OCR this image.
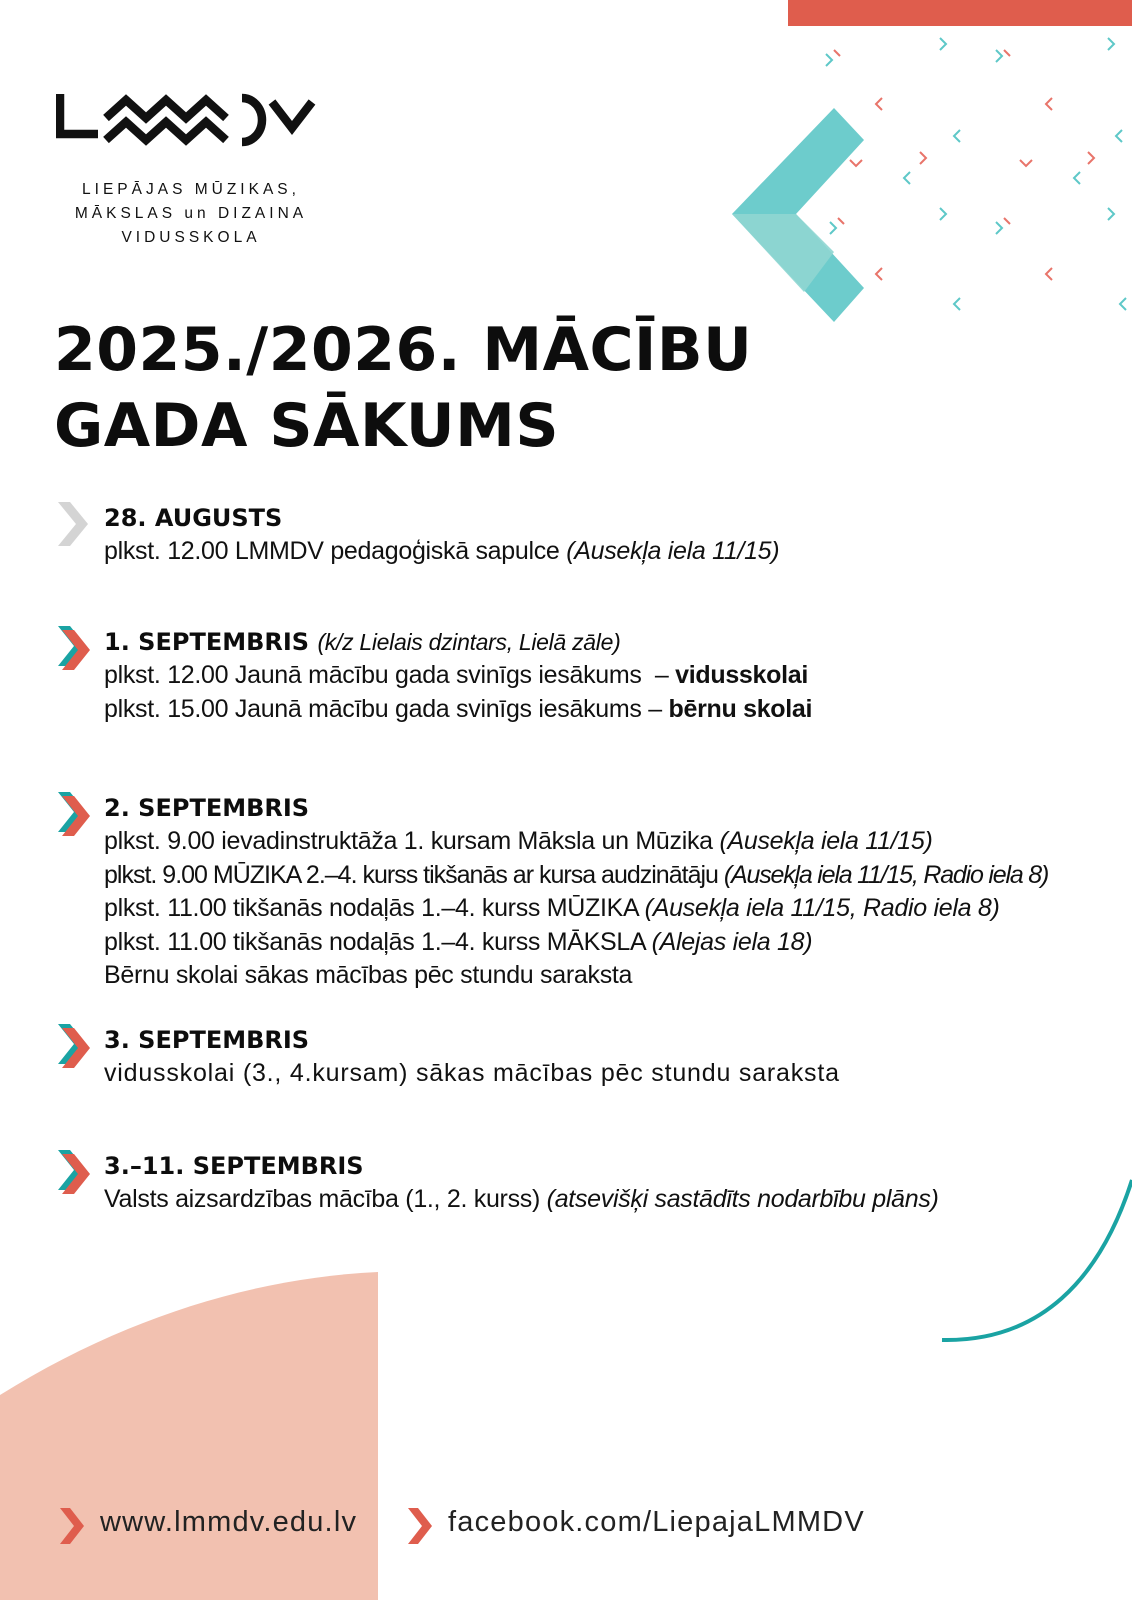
LIEPĀJAS MŪZIKAS,
MĀKSLAS un DIZAINA
VIDUSSKOLA
2025./2026. MĀCĪBU
GADA SĀKUMS
28. AUGUSTS
plkst. 12.00 LMMDV pedagoģiskā sapulce (Ausekļa iela 11/15)
1. SEPTEMBRIS (k/z Lielais dzintars, Lielā zāle)
plkst. 12.00 Jaunā mācību gada svinīgs iesākums  – vidusskolai
plkst. 15.00 Jaunā mācību gada svinīgs iesākums – bērnu skolai
2. SEPTEMBRIS
plkst. 9.00 ievadinstruktāža 1. kursam Māksla un Mūzika (Ausekļa iela 11/15)
plkst. 9.00 MŪZIKA 2.–4. kurss tikšanās ar kursa audzinātāju (Ausekļa iela 11/15, Radio iela 8)
plkst. 11.00 tikšanās nodaļās 1.–4. kurss MŪZIKA (Ausekļa iela 11/15, Radio iela 8)
plkst. 11.00 tikšanās nodaļās 1.–4. kurss MĀKSLA (Alejas iela 18)
Bērnu skolai sākas mācības pēc stundu saraksta
3. SEPTEMBRIS
vidusskolai (3., 4.kursam) sākas mācības pēc stundu saraksta
3.–11. SEPTEMBRIS
Valsts aizsardzības mācība (1., 2. kurss) (atsevišķi sastādīts nodarbību plāns)
www.lmmdv.edu.lv	facebook.com/LiepajaLMMDV
